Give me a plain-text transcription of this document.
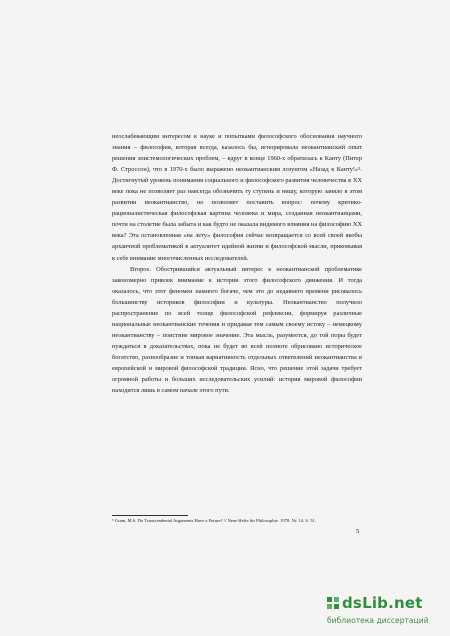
неослабевающим интересом к науке и попытками философского обоснования научного знания – философия, которая всегда, казалось бы, игнорировала неокантианский опыт решения эпистемологических проблем, – вдруг в конце 1960-х обратилась к Канту (Питер Ф. Строссон), что в 1970-х было выражено неокантианским лозунгом «Назад к Канту!»⁵. Достигнутый уровень понимания социального и философского развития человечества в XX веке пока не позволяет раз навсегда обозначить ту ступень и нишу, которую заняло в этом развитии неокантианство, но позволяет поставить вопрос: почему критико-рационалистическая философская картина человека и мира, созданная неокантианцами, почти на столетие была забыта и как будто не оказала видимого влияния на философию XX века? Эта остановленная «на лету» философия сейчас возвращается со всей своей якобы архаичной проблематикой в актуалитет идейной жизни и философской мысли, приковывая к себе внимание многочисленных исследователей.

Второе. Обострившийся актуальный интерес к неокантианской проблематике закономерно привлек внимание к истории этого философского движения. И тогда оказалось, что этот феномен намного богаче, чем это до недавнего времени рисовалось большинству историков философии и культуры. Неокантианство получило распространение по всей толще философской рефлексии, формируя различные национальные неокантианские течения и придавая тем самым своему истоку – немецкому неокантианству – поистине мировое значение. Эта мысль, разумеется, до той поры будет нуждаться в доказательствах, пока не будет во всей полноте обрисовано историческое богатство, разнообразие и тонкая вариативность отдельных ответвлений неокантианства в европейской и мировой философской традиции. Ясно, что решение этой задачи требует огромной работы и больших исследовательских усилий: история мировой философии находится лишь в самом начале этого пути.

⁵ Grаm, M.S. Do Transcendental Arguments Have a Future? // Neue Hefte für Philosophie. 1978. Nr. 14. S. 51.
5
dsLib.net
библиотека диссертаций
